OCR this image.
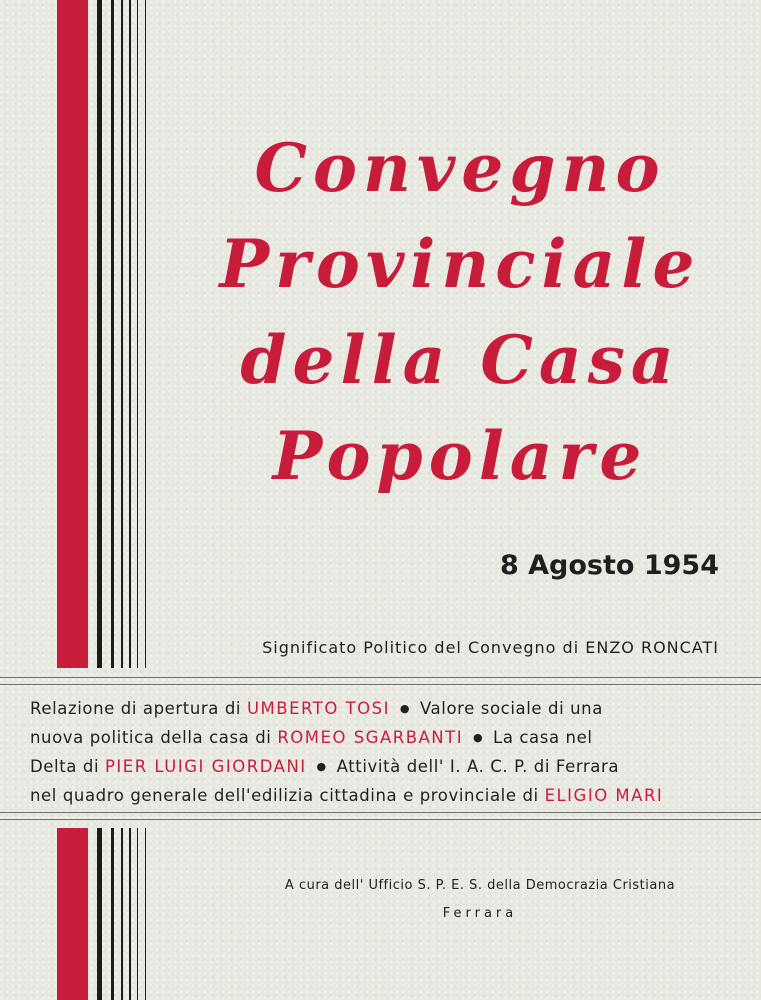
Convegno
Provinciale
della Casa
Popolare
8 Agosto 1954
Significato Politico del Convegno di ENZO RONCATI
Relazione di apertura di UMBERTO TOSI ● Valore sociale di una
nuova politica della casa di ROMEO SGARBANTI ● La casa nel
Delta di PIER LUIGI GIORDANI ● Attività dell' I. A. C. P. di Ferrara
nel quadro generale dell'edilizia cittadina e provinciale di ELIGIO MARI
A cura dell' Ufficio S. P. E. S. della Democrazia Cristiana
Ferrara
